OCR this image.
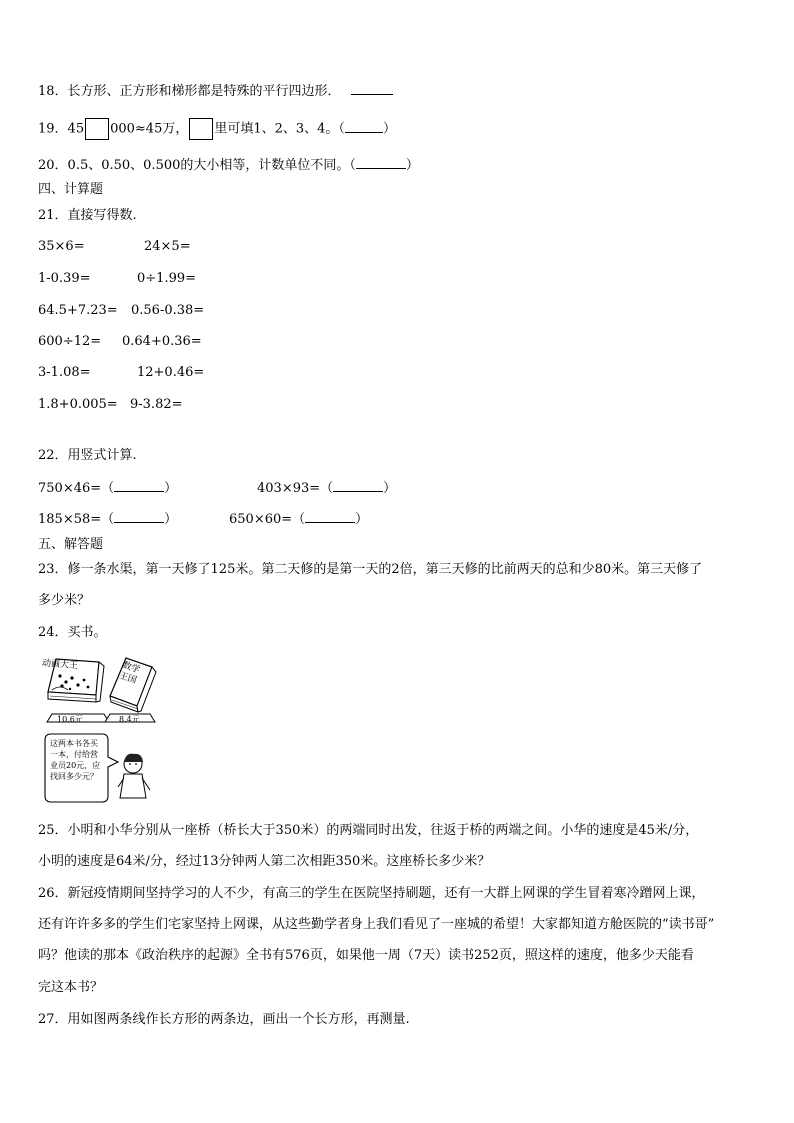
18．长方形、正方形和梯形都是特殊的平行四边形．
19．45 000≈45万， 里可填1、2、3、4。（	）
20．0.5、0.50、0.500的大小相等，计数单位不同。（	）
四、计算题
21．直接写得数.
35×6=	24×5=
1-0.39=	0÷1.99=
64.5+7.23= 0.56-0.38=
600÷12= 0.64+0.36=
3-1.08=	12+0.46=
1.8+0.005= 9-3.82=
22．用竖式计算.
750×46=（	）	403×93=（	）
185×58=（	）	650×60=（	）
五、解答题
23．修一条水渠，第一天修了125米。第二天修的是第一天的2倍，第三天修的比前两天的总和少80米。第三天修了
多少米？
24．买书。
动画大王	数学王国
10.6元	8.4元
这两本书各买
一本，付给营
业员20元，应
找回多少元？
25．小明和小华分别从一座桥（桥长大于350米）的两端同时出发，往返于桥的两端之间。小华的速度是45米/分，
小明的速度是64米/分，经过13分钟两人第二次相距350米。这座桥长多少米？
26．新冠疫情期间坚持学习的人不少，有高三的学生在医院坚持刷题，还有一大群上网课的学生冒着寒冷蹭网上课，
还有许许多多的学生们宅家坚持上网课，从这些勤学者身上我们看见了一座城的希望！大家都知道方舱医院的“读书哥”
吗？他读的那本《政治秩序的起源》全书有576页，如果他一周（7天）读书252页，照这样的速度，他多少天能看
完这本书？
27．用如图两条线作长方形的两条边，画出一个长方形，再测量.
